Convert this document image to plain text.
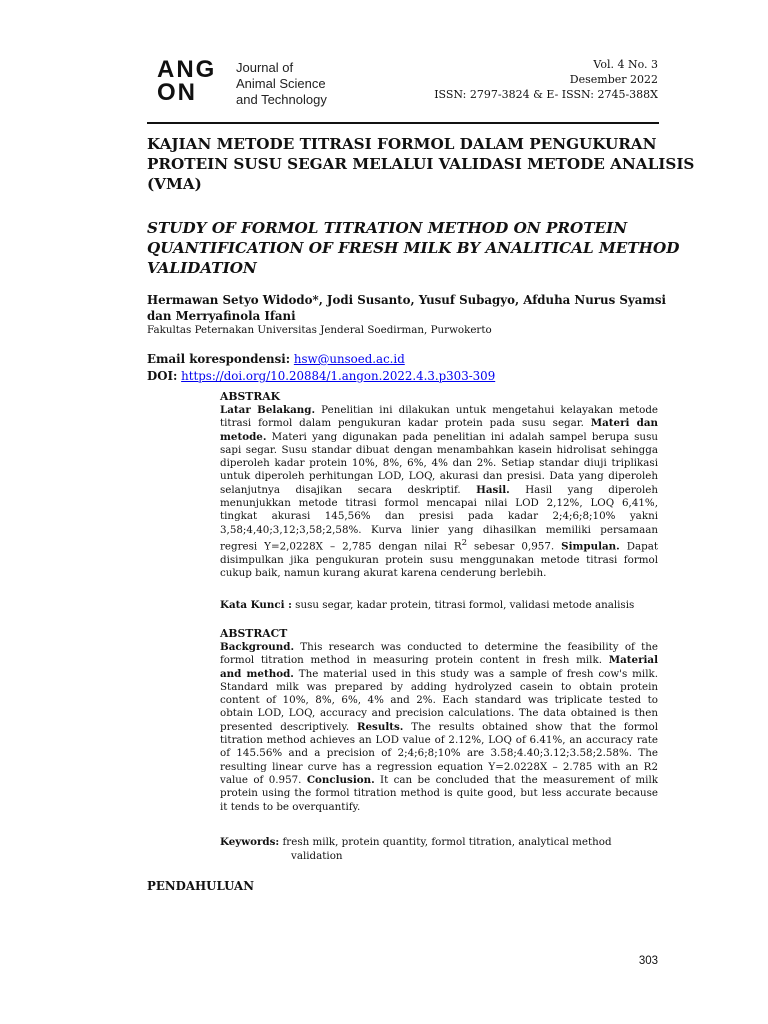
ANG
ON
Journal of
Animal Science
and Technology
Vol. 4 No. 3
Desember 2022
ISSN: 2797-3824 & E- ISSN: 2745-388X
KAJIAN METODE TITRASI FORMOL DALAM PENGUKURAN
PROTEIN SUSU SEGAR MELALUI VALIDASI METODE ANALISIS
(VMA)
STUDY OF FORMOL TITRATION METHOD ON PROTEIN
QUANTIFICATION OF FRESH MILK BY ANALITICAL METHOD
VALIDATION
Hermawan Setyo Widodo*, Jodi Susanto, Yusuf Subagyo, Afduha Nurus Syamsi
dan Merryafinola Ifani
Fakultas Peternakan Universitas Jenderal Soedirman, Purwokerto
Email korespondensi: hsw@unsoed.ac.id
DOI: https://doi.org/10.20884/1.angon.2022.4.3.p303-309
ABSTRAK
Latar Belakang. Penelitian ini dilakukan untuk mengetahui kelayakan metode
titrasi formol dalam pengukuran kadar protein pada susu segar. Materi dan
metode. Materi yang digunakan pada penelitian ini adalah sampel berupa susu
sapi segar. Susu standar dibuat dengan menambahkan kasein hidrolisat sehingga
diperoleh kadar protein 10%, 8%, 6%, 4% dan 2%. Setiap standar diuji triplikasi
untuk diperoleh perhitungan LOD, LOQ, akurasi dan presisi. Data yang diperoleh
selanjutnya disajikan secara deskriptif. Hasil. Hasil yang diperoleh
menunjukkan metode titrasi formol mencapai nilai LOD 2,12%, LOQ 6,41%,
tingkat akurasi 145,56% dan presisi pada kadar 2;4;6;8;10% yakni
3,58;4,40;3,12;3,58;2,58%. Kurva linier yang dihasilkan memiliki persamaan
regresi Y=2,0228X – 2,785 dengan nilai $R^2$ sebesar 0,957. Simpulan. Dapat
disimpulkan jika pengukuran protein susu menggunakan metode titrasi formol
cukup baik, namun kurang akurat karena cenderung berlebih.
Kata Kunci : susu segar, kadar protein, titrasi formol, validasi metode analisis
ABSTRACT
Background. This research was conducted to determine the feasibility of the
formol titration method in measuring protein content in fresh milk. Material
and method. The material used in this study was a sample of fresh cow's milk.
Standard milk was prepared by adding hydrolyzed casein to obtain protein
content of 10%, 8%, 6%, 4% and 2%. Each standard was triplicate tested to
obtain LOD, LOQ, accuracy and precision calculations. The data obtained is then
presented descriptively. Results. The results obtained show that the formol
titration method achieves an LOD value of 2.12%, LOQ of 6.41%, an accuracy rate
of 145.56% and a precision of 2;4;6;8;10% are 3.58;4.40;3.12;3.58;2.58%. The
resulting linear curve has a regression equation Y=2.0228X – 2.785 with an R2
value of 0.957. Conclusion. It can be concluded that the measurement of milk
protein using the formol titration method is quite good, but less accurate because
it tends to be overquantify.
Keywords: fresh milk, protein quantity, formol titration, analytical method
validation
PENDAHULUAN
303
